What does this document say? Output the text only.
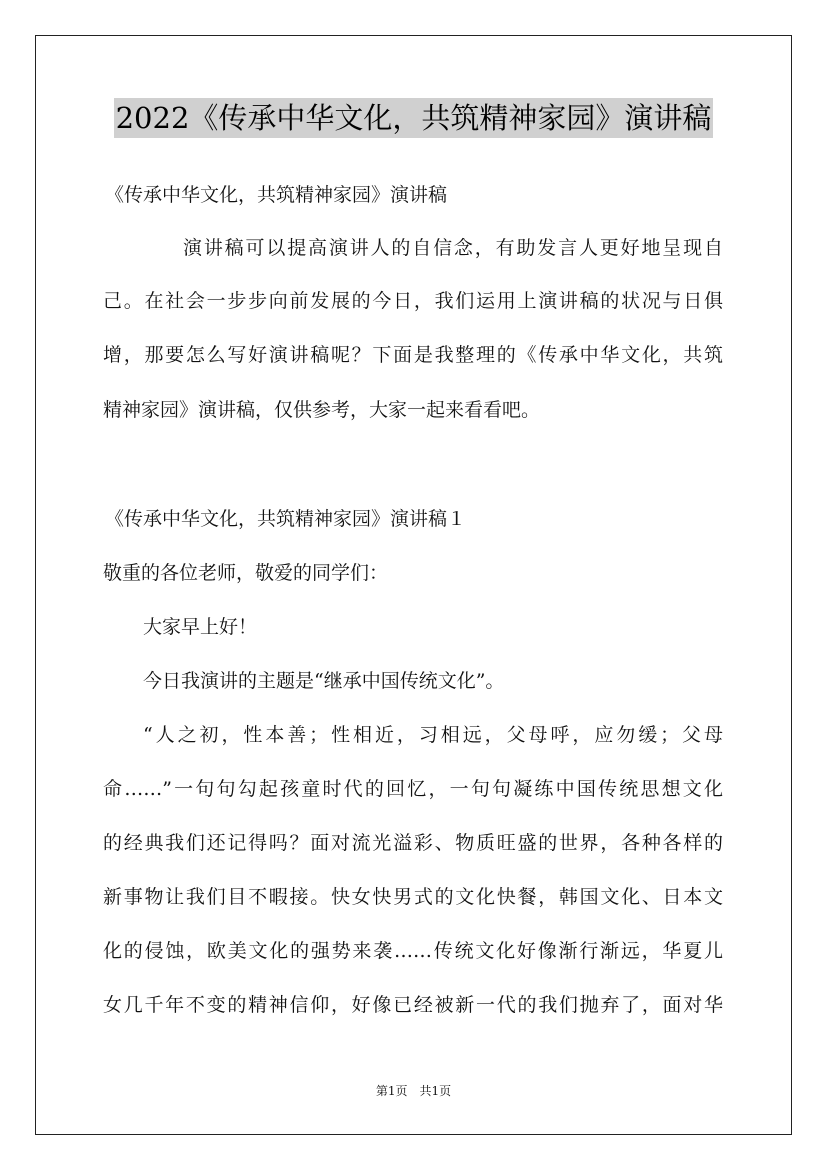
2022《传承中华文化，共筑精神家园》演讲稿
《传承中华文化，共筑精神家园》演讲稿
演讲稿可以提高演讲人的自信念，有助发言人更好地呈现自
己。在社会一步步向前发展的今日，我们运用上演讲稿的状况与日俱
增，那要怎么写好演讲稿呢？下面是我整理的《传承中华文化，共筑
精神家园》演讲稿，仅供参考，大家一起来看看吧。
《传承中华文化，共筑精神家园》演讲稿１
敬重的各位老师，敬爱的同学们：
大家早上好！
今日我演讲的主题是“继承中国传统文化”。
“人之初，性本善；性相近，习相远，父母呼，应勿缓；父母
命……”一句句勾起孩童时代的回忆，一句句凝练中国传统思想文化
的经典我们还记得吗？面对流光溢彩、物质旺盛的世界，各种各样的
新事物让我们目不暇接。快女快男式的文化快餐，韩国文化、日本文
化的侵蚀，欧美文化的强势来袭……传统文化好像渐行渐远，华夏儿
女几千年不变的精神信仰，好像已经被新一代的我们抛弃了，面对华
第1页　共1页
